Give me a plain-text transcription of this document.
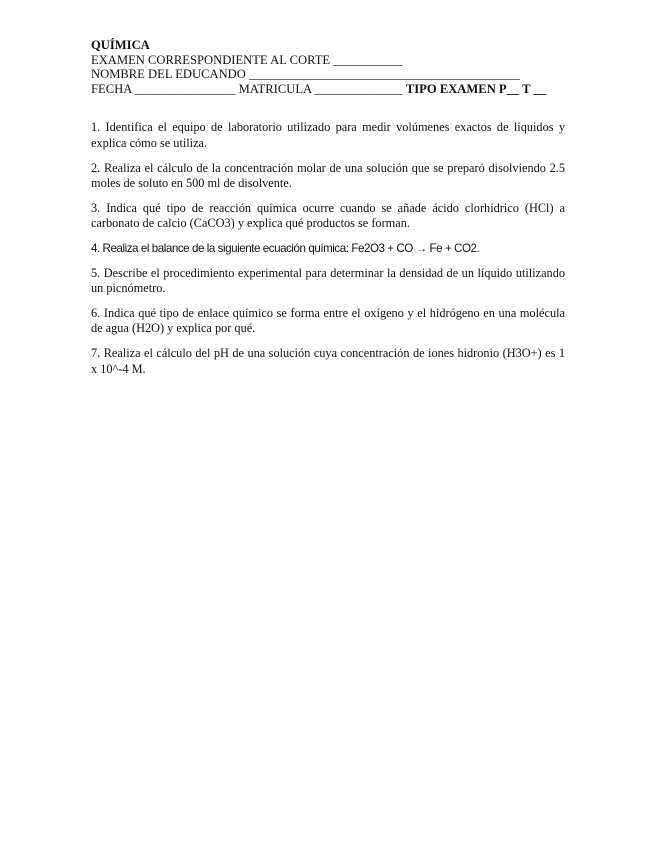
QUÍMICA
EXAMEN CORRESPONDIENTE AL CORTE ___________
NOMBRE DEL EDUCANDO ___________________________________________
FECHA ________________ MATRICULA ______________ TIPO EXAMEN P__ T __

1. Identifica el equipo de laboratorio utilizado para medir volúmenes exactos de líquidos y explica cómo se utiliza.

2. Realiza el cálculo de la concentración molar de una solución que se preparó disolviendo 2.5 moles de soluto en 500 ml de disolvente.

3. Indica qué tipo de reacción química ocurre cuando se añade ácido clorhídrico (HCl) a carbonato de calcio (CaCO3) y explica qué productos se forman.

4. Realiza el balance de la siguiente ecuación química: Fe2O3 + CO → Fe + CO2.

5. Describe el procedimiento experimental para determinar la densidad de un líquido utilizando un picnómetro.

6. Indica qué tipo de enlace químico se forma entre el oxígeno y el hidrógeno en una molécula de agua (H2O) y explica por qué.

7. Realiza el cálculo del pH de una solución cuya concentración de iones hidronio (H3O+) es 1 x 10^-4 M.
